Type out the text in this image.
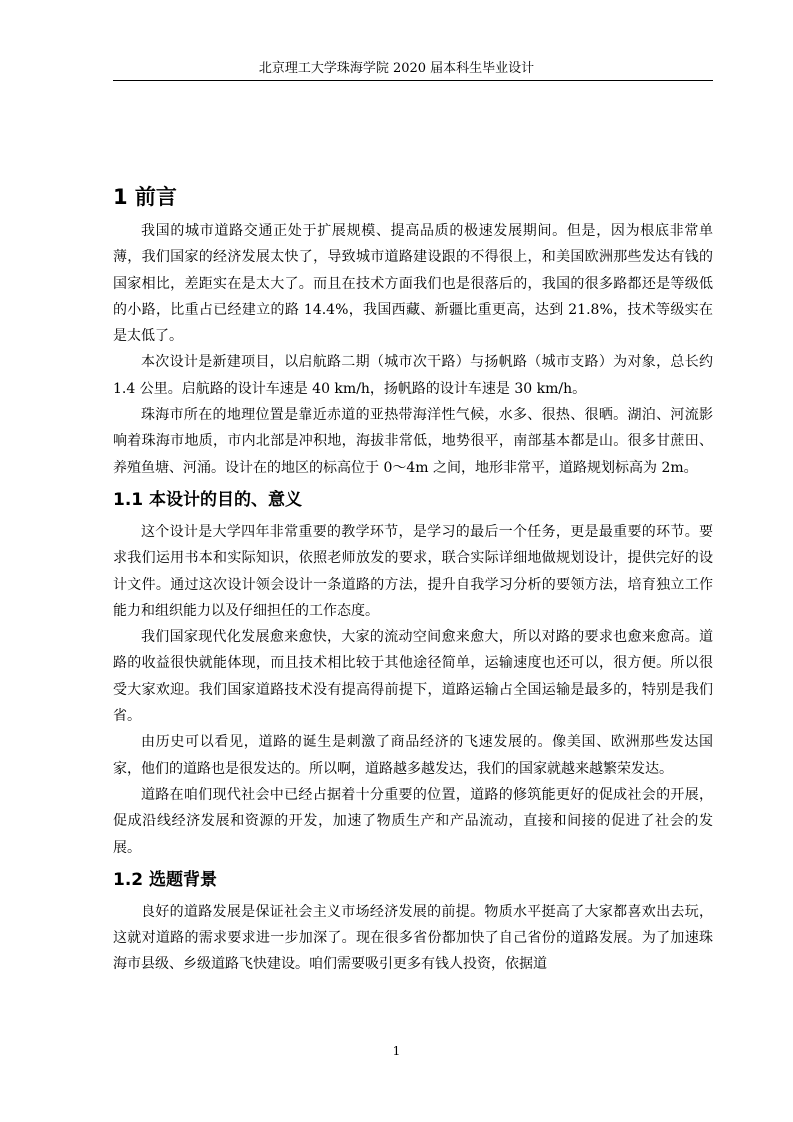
北京理工大学珠海学院 2020 届本科生毕业设计
1 前言

我国的城市道路交通正处于扩展规模、提高品质的极速发展期间。但是，因为根底非常单薄，我们国家的经济发展太快了，导致城市道路建设跟的不得很上，和美国欧洲那些发达有钱的国家相比，差距实在是太大了。而且在技术方面我们也是很落后的，我国的很多路都还是等级低的小路，比重占已经建立的路 14.4%，我国西藏、新疆比重更高，达到 21.8%，技术等级实在是太低了。

本次设计是新建项目，以启航路二期（城市次干路）与扬帆路（城市支路）为对象，总长约 1.4 公里。启航路的设计车速是 40 km/h，扬帆路的设计车速是 30 km/h。

珠海市所在的地理位置是靠近赤道的亚热带海洋性气候，水多、很热、很晒。湖泊、河流影响着珠海市地质，市内北部是冲积地，海拔非常低，地势很平，南部基本都是山。很多甘蔗田、养殖鱼塘、河涌。设计在的地区的标高位于 0～4m 之间，地形非常平，道路规划标高为 2m。

1.1 本设计的目的、意义

这个设计是大学四年非常重要的教学环节，是学习的最后一个任务，更是最重要的环节。要求我们运用书本和实际知识，依照老师放发的要求，联合实际详细地做规划设计，提供完好的设计文件。通过这次设计领会设计一条道路的方法，提升自我学习分析的要领方法，培育独立工作能力和组织能力以及仔细担任的工作态度。

我们国家现代化发展愈来愈快，大家的流动空间愈来愈大，所以对路的要求也愈来愈高。道路的收益很快就能体现，而且技术相比较于其他途径简单，运输速度也还可以，很方便。所以很受大家欢迎。我们国家道路技术没有提高得前提下，道路运输占全国运输是最多的，特别是我们省。

由历史可以看见，道路的诞生是刺激了商品经济的飞速发展的。像美国、欧洲那些发达国家，他们的道路也是很发达的。所以啊，道路越多越发达，我们的国家就越来越繁荣发达。

道路在咱们现代社会中已经占据着十分重要的位置，道路的修筑能更好的促成社会的开展，促成沿线经济发展和资源的开发，加速了物质生产和产品流动，直接和间接的促进了社会的发展。

1.2 选题背景

良好的道路发展是保证社会主义市场经济发展的前提。物质水平挺高了大家都喜欢出去玩，这就对道路的需求要求进一步加深了。现在很多省份都加快了自己省份的道路发展。为了加速珠海市县级、乡级道路飞快建设。咱们需要吸引更多有钱人投资，依据道

1
